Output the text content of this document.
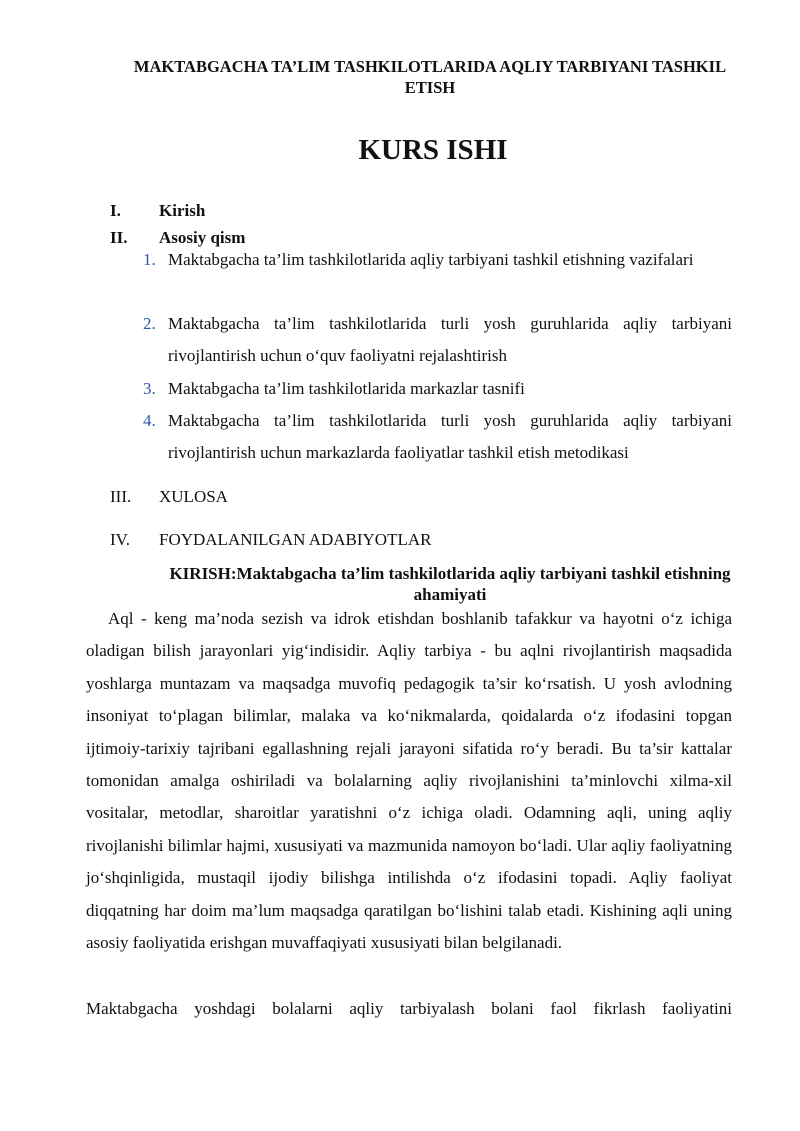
MAKTABGACHA TA’LIM TASHKILOTLARIDA AQLIY TARBIYANI TASHKIL ETISH
KURS ISHI
I. Kirish
II. Asosiy qism
1. Maktabgacha ta’lim tashkilotlarida aqliy tarbiyani tashkil etishning vazifalari
2. Maktabgacha ta’lim tashkilotlarida turli yosh guruhlarida aqliy tarbiyani rivojlantirish uchun o‘quv faoliyatni rejalashtirish
3. Maktabgacha ta’lim tashkilotlarida markazlar tasnifi
4. Maktabgacha ta’lim tashkilotlarida turli yosh guruhlarida aqliy tarbiyani rivojlantirish uchun markazlarda faoliyatlar tashkil etish metodikasi
III. XULOSA
IV. FOYDALANILGAN ADABIYOTLAR
KIRISH:Maktabgacha ta’lim tashkilotlarida aqliy tarbiyani tashkil etishning ahamiyati

Aql - keng ma’noda sezish va idrok etishdan boshlanib tafakkur va hayotni o‘z ichiga oladigan bilish jarayonlari yig‘indisidir. Aqliy tarbiya - bu aqlni rivojlantirish maqsadida yoshlarga muntazam va maqsadga muvofiq pedagogik ta’sir ko‘rsatish. U yosh avlodning insoniyat to‘plagan bilimlar, malaka va ko‘nikmalarda, qoidalarda o‘z ifodasini topgan ijtimoiy-tarixiy tajribani egallashning rejali jarayoni sifatida ro‘y beradi. Bu ta’sir kattalar tomonidan amalga oshiriladi va bolalarning aqliy rivojlanishini ta’minlovchi xilma-xil vositalar, metodlar, sharoitlar yaratishni o‘z ichiga oladi. Odamning aqli, uning aqliy rivojlanishi bilimlar hajmi, xususiyati va mazmunida namoyon bo‘ladi. Ular aqliy faoliyatning jo‘shqinligida, mustaqil ijodiy bilishga intilishda o‘z ifodasini topadi. Aqliy faoliyat diqqatning har doim ma’lum maqsadga qaratilgan bo‘lishini talab etadi. Kishining aqli uning asosiy faoliyatida erishgan muvaffaqiyati xususiyati bilan belgilanadi.

Maktabgacha yoshdagi bolalarni aqliy tarbiyalash bolani faol fikrlash faoliyatini
